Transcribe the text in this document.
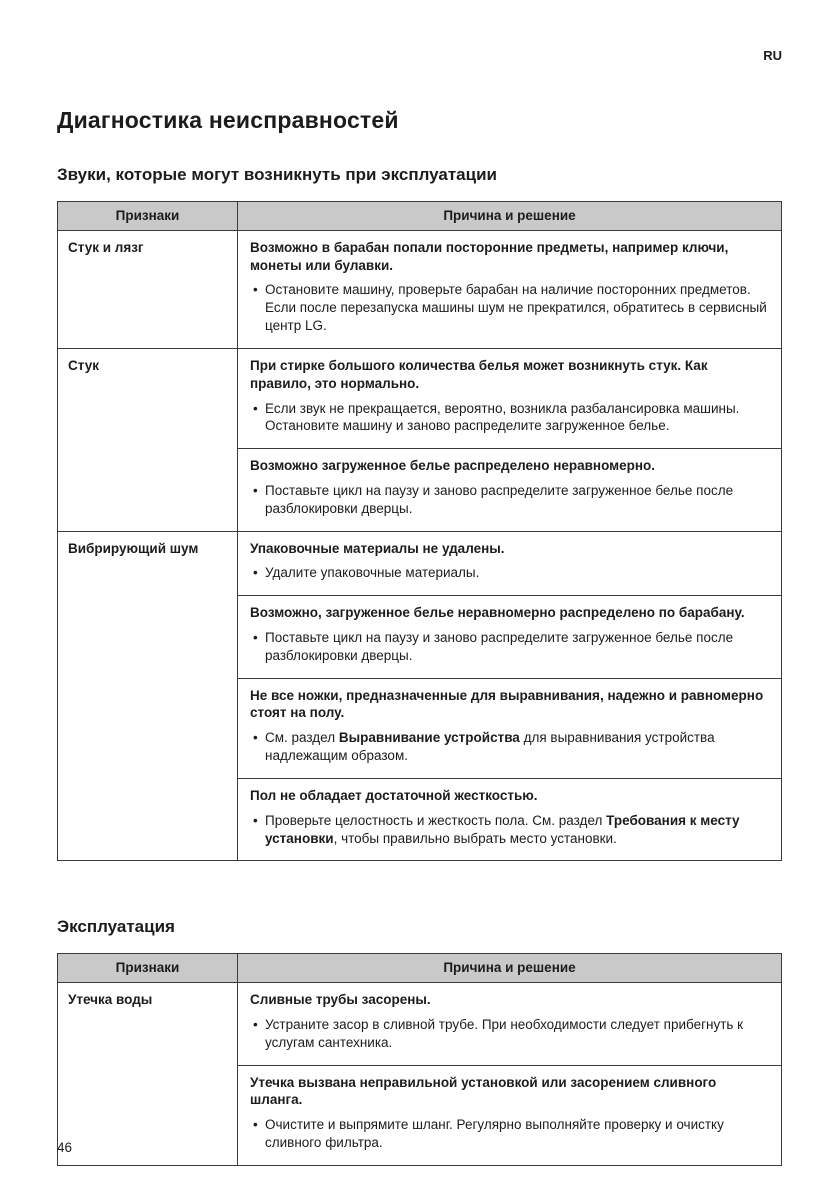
RU
Диагностика неисправностей
Звуки, которые могут возникнуть при эксплуатации
Признаки	Причина и решение
Стук и лязг	Возможно в барабан попали посторонние предметы, например ключи, монеты или булавки.

• Остановите машину, проверьте барабан на наличие посторонних предметов. Если после перезапуска машины шум не прекратился, обратитесь в сервисный центр LG.

Стук	При стирке большого количества белья может возникнуть стук. Как правило, это нормально.

• Если звук не прекращается, вероятно, возникла разбалансировка машины. Остановите машину и заново распределите загруженное белье.

Возможно загруженное белье распределено неравномерно.

• Поставьте цикл на паузу и заново распределите загруженное белье после разблокировки дверцы.

Вибрирующий шум	Упаковочные материалы не удалены.

• Удалите упаковочные материалы.

Возможно, загруженное белье неравномерно распределено по барабану.

• Поставьте цикл на паузу и заново распределите загруженное белье после разблокировки дверцы.

Не все ножки, предназначенные для выравнивания, надежно и равномерно стоят на полу.

• См. раздел Выравнивание устройства для выравнивания устройства надлежащим образом.

Пол не обладает достаточной жесткостью.

• Проверьте целостность и жесткость пола. См. раздел Требования к месту установки, чтобы правильно выбрать место установки.
Эксплуатация
Признаки	Причина и решение
Утечка воды	Сливные трубы засорены.

• Устраните засор в сливной трубе. При необходимости следует прибегнуть к услугам сантехника.

Утечка вызвана неправильной установкой или засорением сливного шланга.

• Очистите и выпрямите шланг. Регулярно выполняйте проверку и очистку сливного фильтра.
46
